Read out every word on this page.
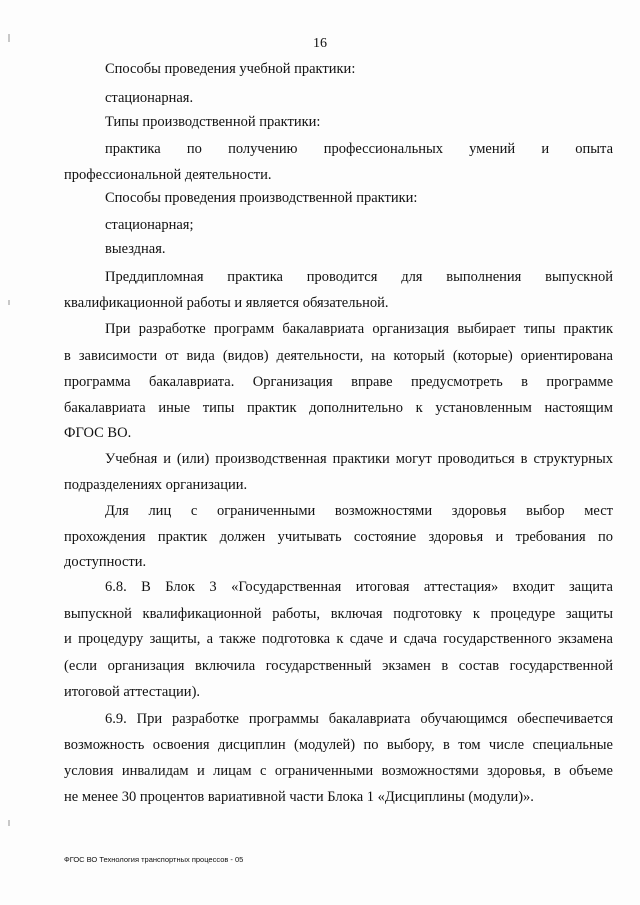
16
Способы проведения учебной практики:
стационарная.
Типы производственной практики:
практика по получению профессиональных умений и опыта
профессиональной деятельности.
Способы проведения производственной практики:
стационарная;
выездная.
Преддипломная практика проводится для выполнения выпускной
квалификационной работы и является обязательной.
При разработке программ бакалавриата организация выбирает типы практик
в зависимости от вида (видов) деятельности, на который (которые) ориентирована
программа бакалавриата. Организация вправе предусмотреть в программе
бакалавриата иные типы практик дополнительно к установленным настоящим
ФГОС ВО.
Учебная и (или) производственная практики могут проводиться в структурных
подразделениях организации.
Для лиц с ограниченными возможностями здоровья выбор мест
прохождения практик должен учитывать состояние здоровья и требования по
доступности.
6.8. В Блок 3 «Государственная итоговая аттестация» входит защита
выпускной квалификационной работы, включая подготовку к процедуре защиты
и процедуру защиты, а также подготовка к сдаче и сдача государственного экзамена
(если организация включила государственный экзамен в состав государственной
итоговой аттестации).
6.9. При разработке программы бакалавриата обучающимся обеспечивается
возможность освоения дисциплин (модулей) по выбору, в том числе специальные
условия инвалидам и лицам с ограниченными возможностями здоровья, в объеме
не менее 30 процентов вариативной части Блока 1 «Дисциплины (модули)».
ФГОС ВО Технология транспортных процессов - 05
